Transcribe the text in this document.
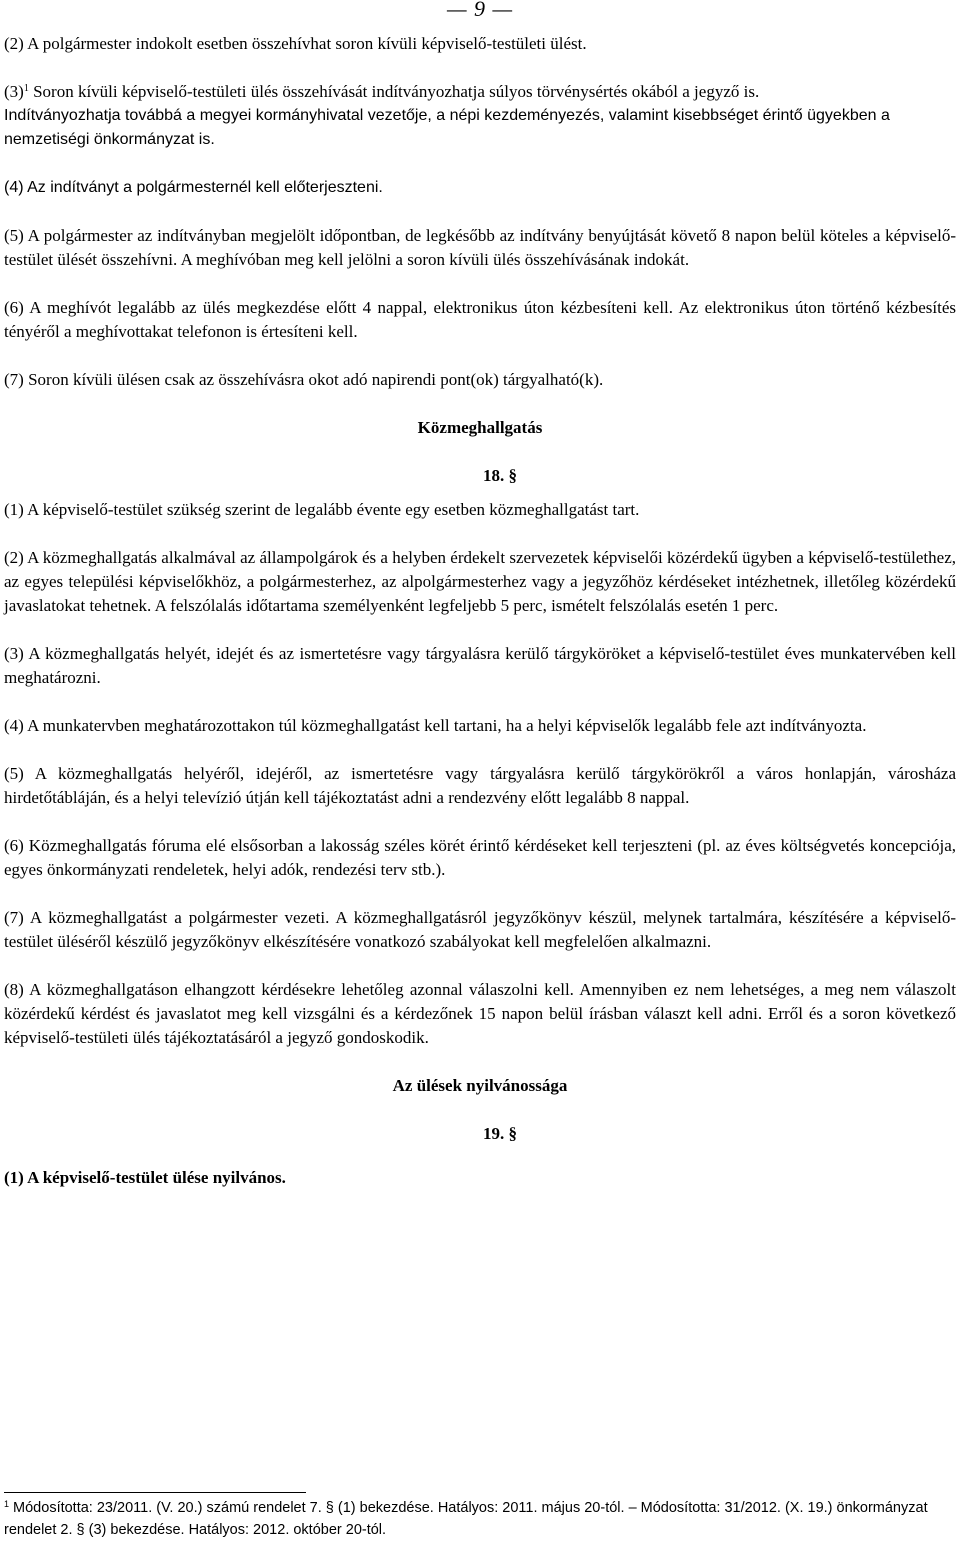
— 9 —

(2) A polgármester indokolt esetben összehívhat soron kívüli képviselő-testületi ülést.

$(3)^1$ Soron kívüli képviselő-testületi ülés összehívását indítványozhatja súlyos törvénysértés okából a jegyző is.

Indítványozhatja továbbá a megyei kormányhivatal vezetője, a népi kezdeményezés, valamint kisebbséget érintő ügyekben a nemzetiségi önkormányzat is.

(4) Az indítványt a polgármesternél kell előterjeszteni.

(5) A polgármester az indítványban megjelölt időpontban, de legkésőbb az indítvány benyújtását követő 8 napon belül köteles a képviselő-testület ülését összehívni. A meghívóban meg kell jelölni a soron kívüli ülés összehívásának indokát.

(6) A meghívót legalább az ülés megkezdése előtt 4 nappal, elektronikus úton kézbesíteni kell. Az elektronikus úton történő kézbesítés tényéről a meghívottakat telefonon is értesíteni kell.

(7) Soron kívüli ülésen csak az összehívásra okot adó napirendi pont(ok) tárgyalható(k).

Közmeghallgatás
18. §

(1) A képviselő-testület szükség szerint de legalább évente egy esetben közmeghallgatást tart.

(2) A közmeghallgatás alkalmával az állampolgárok és a helyben érdekelt szervezetek képviselői közérdekű ügyben a képviselő-testülethez, az egyes települési képviselőkhöz, a polgármesterhez, az alpolgármesterhez vagy a jegyzőhöz kérdéseket intézhetnek, illetőleg közérdekű javaslatokat tehetnek. A felszólalás időtartama személyenként legfeljebb 5 perc, ismételt felszólalás esetén 1 perc.

(3) A közmeghallgatás helyét, idejét és az ismertetésre vagy tárgyalásra kerülő tárgyköröket a képviselő-testület éves munkatervében kell meghatározni.

(4) A munkatervben meghatározottakon túl közmeghallgatást kell tartani, ha a helyi képviselők legalább fele azt indítványozta.

(5) A közmeghallgatás helyéről, idejéről, az ismertetésre vagy tárgyalásra kerülő tárgykörökről a város honlapján, városháza hirdetőtábláján, és a helyi televízió útján kell tájékoztatást adni a rendezvény előtt legalább 8 nappal.

(6) Közmeghallgatás fóruma elé elsősorban a lakosság széles körét érintő kérdéseket kell terjeszteni (pl. az éves költségvetés koncepciója, egyes önkormányzati rendeletek, helyi adók, rendezési terv stb.).

(7) A közmeghallgatást a polgármester vezeti. A közmeghallgatásról jegyzőkönyv készül, melynek tartalmára, készítésére a képviselő-testület üléséről készülő jegyzőkönyv elkészítésére vonatkozó szabályokat kell megfelelően alkalmazni.

(8) A közmeghallgatáson elhangzott kérdésekre lehetőleg azonnal válaszolni kell. Amennyiben ez nem lehetséges, a meg nem válaszolt közérdekű kérdést és javaslatot meg kell vizsgálni és a kérdezőnek 15 napon belül írásban választ kell adni. Erről és a soron következő képviselő-testületi ülés tájékoztatásáról a jegyző gondoskodik.

Az ülések nyilvánossága
19. §

(1) A képviselő-testület ülése nyilvános.

$^1$ Módosította: 23/2011. (V. 20.) számú rendelet 7. § (1) bekezdése. Hatályos: 2011. május 20-tól. – Módosította: 31/2012. (X. 19.) önkormányzat rendelet 2. § (3) bekezdése. Hatályos: 2012. október 20-tól.
